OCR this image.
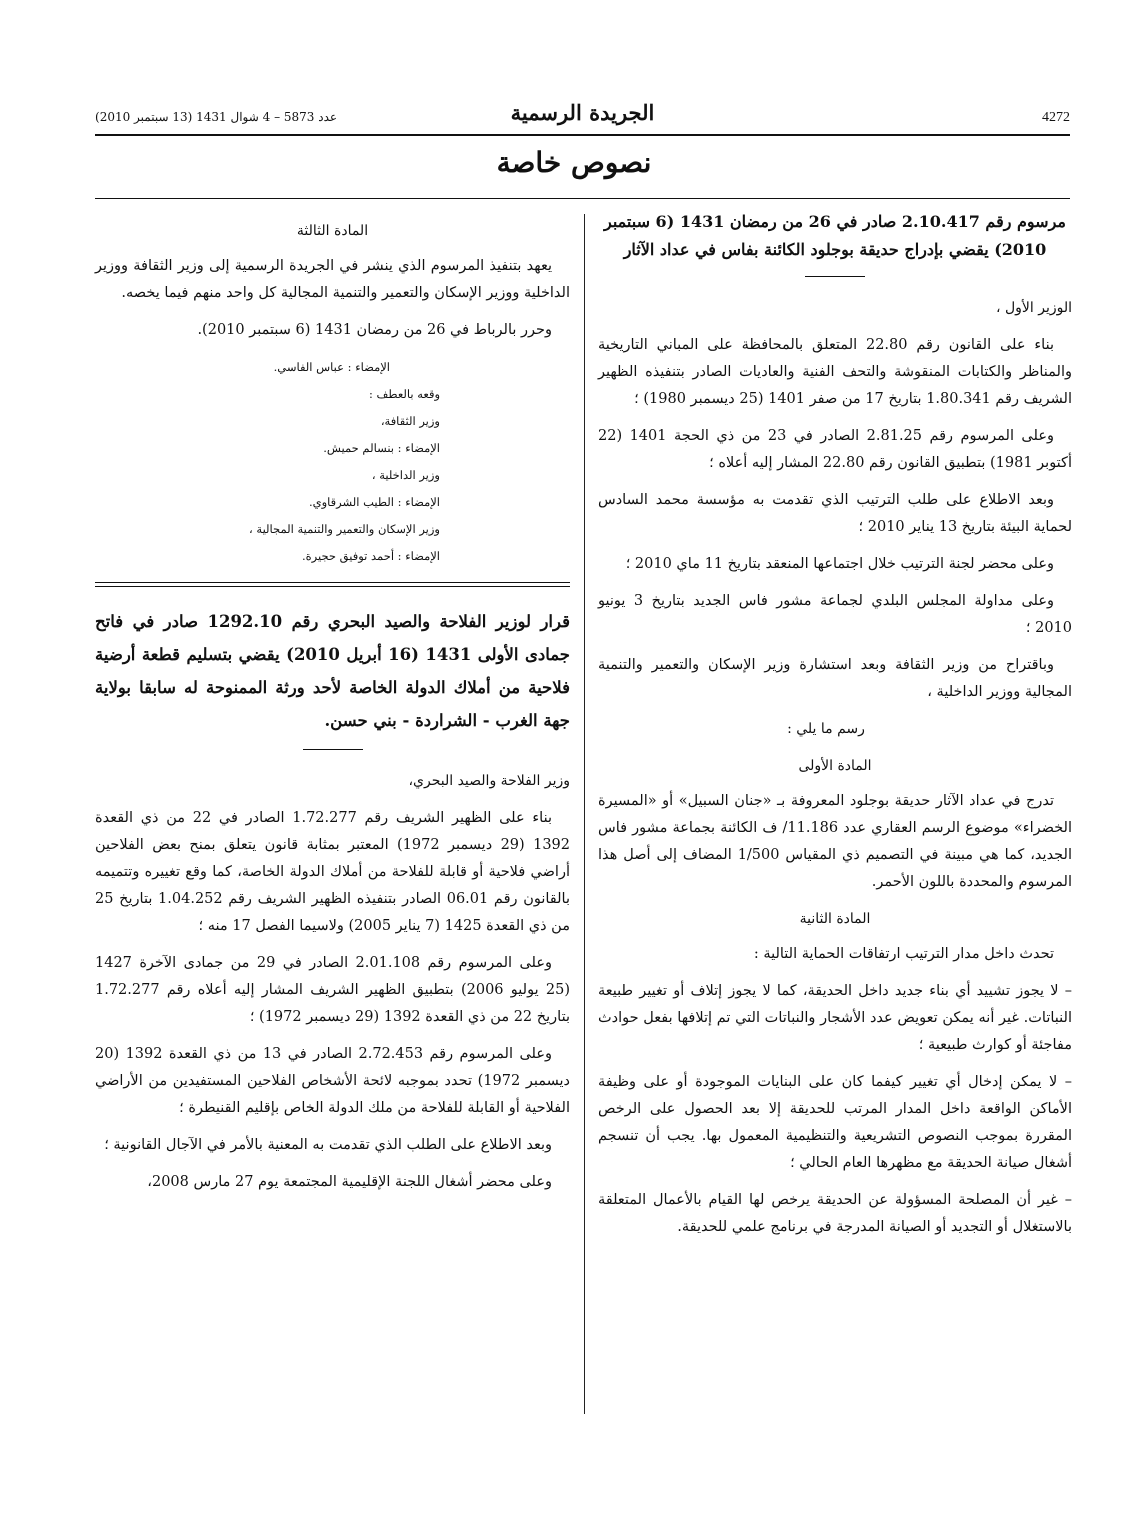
4272
الجريدة الرسمية
عدد 5873 – 4 شوال 1431 (13 سبتمبر 2010)
نصوص خاصة
مرسوم رقم 2.10.417 صادر في 26 من رمضان 1431 (6 سبتمبر 2010) يقضي بإدراج حديقة بوجلود الكائنة بفاس في عداد الآثار

الوزير الأول ،

بناء على القانون رقم 22.80 المتعلق بالمحافظة على المباني التاريخية والمناظر والكتابات المنقوشة والتحف الفنية والعاديات الصادر بتنفيذه الظهير الشريف رقم 1.80.341 بتاريخ 17 من صفر 1401 (25 ديسمبر 1980) ؛

وعلى المرسوم رقم 2.81.25 الصادر في 23 من ذي الحجة 1401 (22 أكتوبر 1981) بتطبيق القانون رقم 22.80 المشار إليه أعلاه ؛

وبعد الاطلاع على طلب الترتيب الذي تقدمت به مؤسسة محمد السادس لحماية البيئة بتاريخ 13 يناير 2010 ؛

وعلى محضر لجنة الترتيب خلال اجتماعها المنعقد بتاريخ 11 ماي 2010 ؛

وعلى مداولة المجلس البلدي لجماعة مشور فاس الجديد بتاريخ 3 يونيو 2010 ؛

وباقتراح من وزير الثقافة وبعد استشارة وزير الإسكان والتعمير والتنمية المجالية ووزير الداخلية ،

رسم ما يلي :

المادة الأولى

تدرج في عداد الآثار حديقة بوجلود المعروفة بـ «جنان السبيل» أو «المسيرة الخضراء» موضوع الرسم العقاري عدد 11.186/ ف الكائنة بجماعة مشور فاس الجديد، كما هي مبينة في التصميم ذي المقياس 1/500 المضاف إلى أصل هذا المرسوم والمحددة باللون الأحمر.

المادة الثانية

تحدث داخل مدار الترتيب ارتفاقات الحماية التالية :

– لا يجوز تشييد أي بناء جديد داخل الحديقة، كما لا يجوز إتلاف أو تغيير طبيعة النباتات. غير أنه يمكن تعويض عدد الأشجار والنباتات التي تم إتلافها بفعل حوادث مفاجئة أو كوارث طبيعية ؛

– لا يمكن إدخال أي تغيير كيفما كان على البنايات الموجودة أو على وظيفة الأماكن الواقعة داخل المدار المرتب للحديقة إلا بعد الحصول على الرخص المقررة بموجب النصوص التشريعية والتنظيمية المعمول بها. يجب أن تنسجم أشغال صيانة الحديقة مع مظهرها العام الحالي ؛

– غير أن المصلحة المسؤولة عن الحديقة يرخص لها القيام بالأعمال المتعلقة بالاستغلال أو التجديد أو الصيانة المدرجة في برنامج علمي للحديقة.

المادة الثالثة

يعهد بتنفيذ المرسوم الذي ينشر في الجريدة الرسمية إلى وزير الثقافة ووزير الداخلية ووزير الإسكان والتعمير والتنمية المجالية كل واحد منهم فيما يخصه.

وحرر بالرباط في 26 من رمضان 1431 (6 سبتمبر 2010).

الإمضاء : عباس الفاسي.
وقعه بالعطف :
وزير الثقافة،
الإمضاء : بنسالم حميش.
وزير الداخلية ،
الإمضاء : الطيب الشرقاوي.
وزير الإسكان والتعمير والتنمية المجالية ،
الإمضاء : أحمد توفيق حجيرة.
قرار لوزير الفلاحة والصيد البحري رقم 1292.10 صادر في فاتح جمادى الأولى 1431 (16 أبريل 2010) يقضي بتسليم قطعة أرضية فلاحية من أملاك الدولة الخاصة لأحد ورثة الممنوحة له سابقا بولاية جهة الغرب - الشراردة - بني حسن.

وزير الفلاحة والصيد البحري،

بناء على الظهير الشريف رقم 1.72.277 الصادر في 22 من ذي القعدة 1392 (29 ديسمبر 1972) المعتبر بمثابة قانون يتعلق بمنح بعض الفلاحين أراضي فلاحية أو قابلة للفلاحة من أملاك الدولة الخاصة، كما وقع تغييره وتتميمه بالقانون رقم 06.01 الصادر بتنفيذه الظهير الشريف رقم 1.04.252 بتاريخ 25 من ذي القعدة 1425 (7 يناير 2005) ولاسيما الفصل 17 منه ؛

وعلى المرسوم رقم 2.01.108 الصادر في 29 من جمادى الآخرة 1427 (25 يوليو 2006) بتطبيق الظهير الشريف المشار إليه أعلاه رقم 1.72.277 بتاريخ 22 من ذي القعدة 1392 (29 ديسمبر 1972) ؛

وعلى المرسوم رقم 2.72.453 الصادر في 13 من ذي القعدة 1392 (20 ديسمبر 1972) تحدد بموجبه لائحة الأشخاص الفلاحين المستفيدين من الأراضي الفلاحية أو القابلة للفلاحة من ملك الدولة الخاص بإقليم القنيطرة ؛

وبعد الاطلاع على الطلب الذي تقدمت به المعنية بالأمر في الآجال القانونية ؛

وعلى محضر أشغال اللجنة الإقليمية المجتمعة يوم 27 مارس 2008،
